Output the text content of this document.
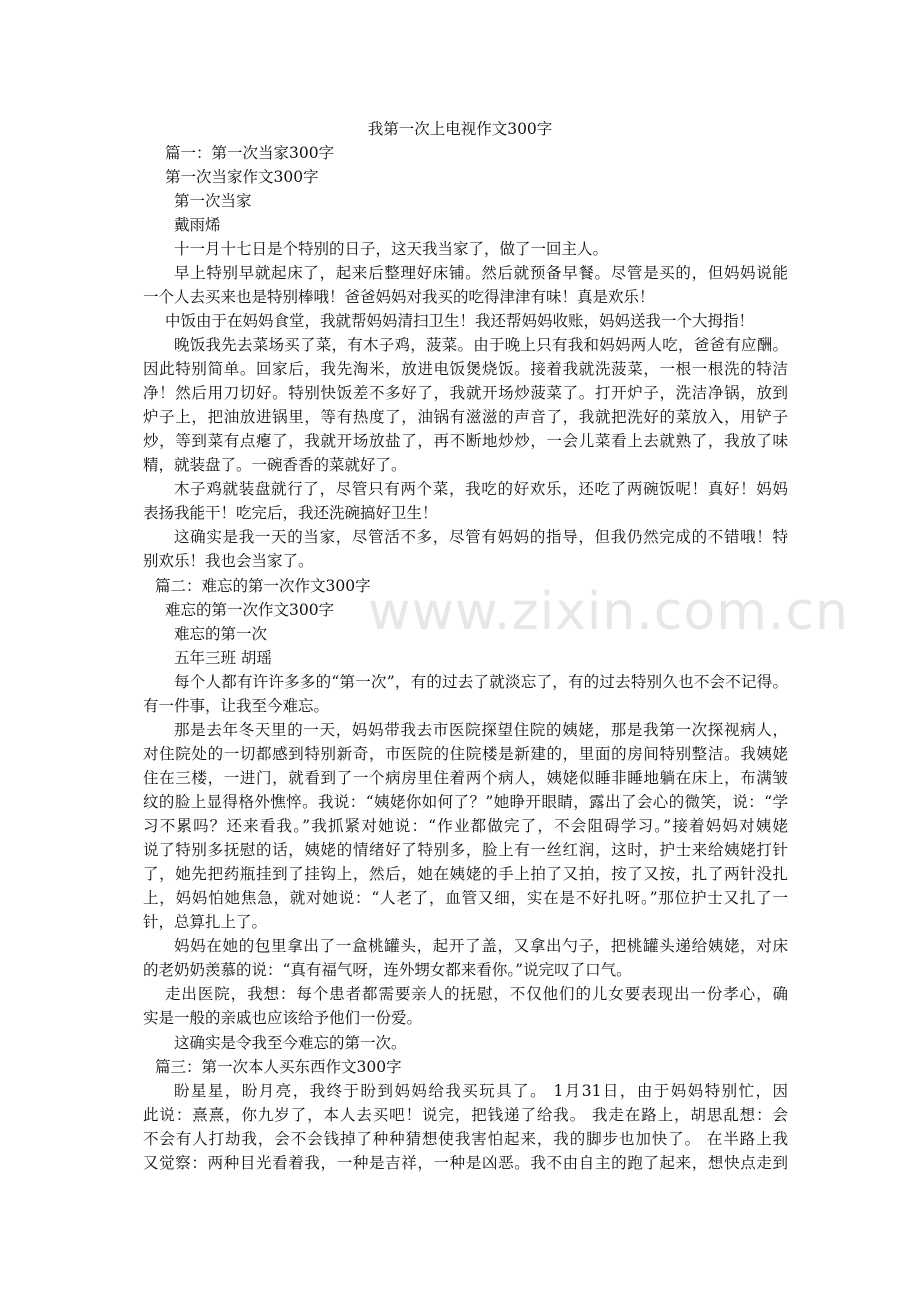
我第一次上电视作文300字
www.zixin.com.cn
篇一：第一次当家300字
第一次当家作文300字
第一次当家
戴雨烯
十一月十七日是个特别的日子，这天我当家了，做了一回主人。
早上特别早就起床了，起来后整理好床铺。然后就预备早餐。尽管是买的，但妈妈说能
一个人去买来也是特别棒哦！爸爸妈妈对我买的吃得津津有味！真是欢乐！
中饭由于在妈妈食堂，我就帮妈妈清扫卫生！我还帮妈妈收账，妈妈送我一个大拇指！
晚饭我先去菜场买了菜，有木子鸡，菠菜。由于晚上只有我和妈妈两人吃，爸爸有应酬。
因此特别简单。回家后，我先淘米，放进电饭煲烧饭。接着我就洗菠菜，一根一根洗的特洁
净！然后用刀切好。特别快饭差不多好了，我就开场炒菠菜了。打开炉子，洗洁净锅，放到
炉子上，把油放进锅里，等有热度了，油锅有滋滋的声音了，我就把洗好的菜放入，用铲子
炒，等到菜有点瘪了，我就开场放盐了，再不断地炒炒，一会儿菜看上去就熟了，我放了味
精，就装盘了。一碗香香的菜就好了。
木子鸡就装盘就行了，尽管只有两个菜，我吃的好欢乐，还吃了两碗饭呢！真好！妈妈
表扬我能干！吃完后，我还洗碗搞好卫生！
这确实是我一天的当家，尽管活不多，尽管有妈妈的指导，但我仍然完成的不错哦！特
别欢乐！我也会当家了。
篇二：难忘的第一次作文300字
难忘的第一次作文300字
难忘的第一次
五年三班 胡瑶
每个人都有许许多多的“第一次”，有的过去了就淡忘了，有的过去特别久也不会不记得。
有一件事，让我至今难忘。
那是去年冬天里的一天，妈妈带我去市医院探望住院的姨姥，那是我第一次探视病人，
对住院处的一切都感到特别新奇，市医院的住院楼是新建的，里面的房间特别整洁。我姨姥
住在三楼，一进门，就看到了一个病房里住着两个病人，姨姥似睡非睡地躺在床上，布满皱
纹的脸上显得格外憔悴。我说：“姨姥你如何了？”她睁开眼睛，露出了会心的微笑，说：“学
习不累吗？还来看我。”我抓紧对她说：“作业都做完了，不会阻碍学习。”接着妈妈对姨姥
说了特别多抚慰的话，姨姥的情绪好了特别多，脸上有一丝红润，这时，护士来给姨姥打针
了，她先把药瓶挂到了挂钩上，然后，她在姨姥的手上拍了又拍，按了又按，扎了两针没扎
上，妈妈怕她焦急，就对她说：“人老了，血管又细，实在是不好扎呀。”那位护士又扎了一
针，总算扎上了。
妈妈在她的包里拿出了一盒桃罐头，起开了盖，又拿出勺子，把桃罐头递给姨姥，对床
的老奶奶羡慕的说：“真有福气呀，连外甥女都来看你。”说完叹了口气。
走出医院，我想：每个患者都需要亲人的抚慰，不仅他们的儿女要表现出一份孝心，确
实是一般的亲戚也应该给予他们一份爱。
这确实是令我至今难忘的第一次。
篇三：第一次本人买东西作文300字
盼星星，盼月亮，我终于盼到妈妈给我买玩具了。 1月31日，由于妈妈特别忙，因
此说：熹熹，你九岁了，本人去买吧！说完，把钱递了给我。 我走在路上，胡思乱想：会
不会有人打劫我，会不会钱掉了种种猜想使我害怕起来，我的脚步也加快了。 在半路上我
又觉察：两种目光看着我，一种是吉祥，一种是凶恶。我不由自主的跑了起来，想快点走到
